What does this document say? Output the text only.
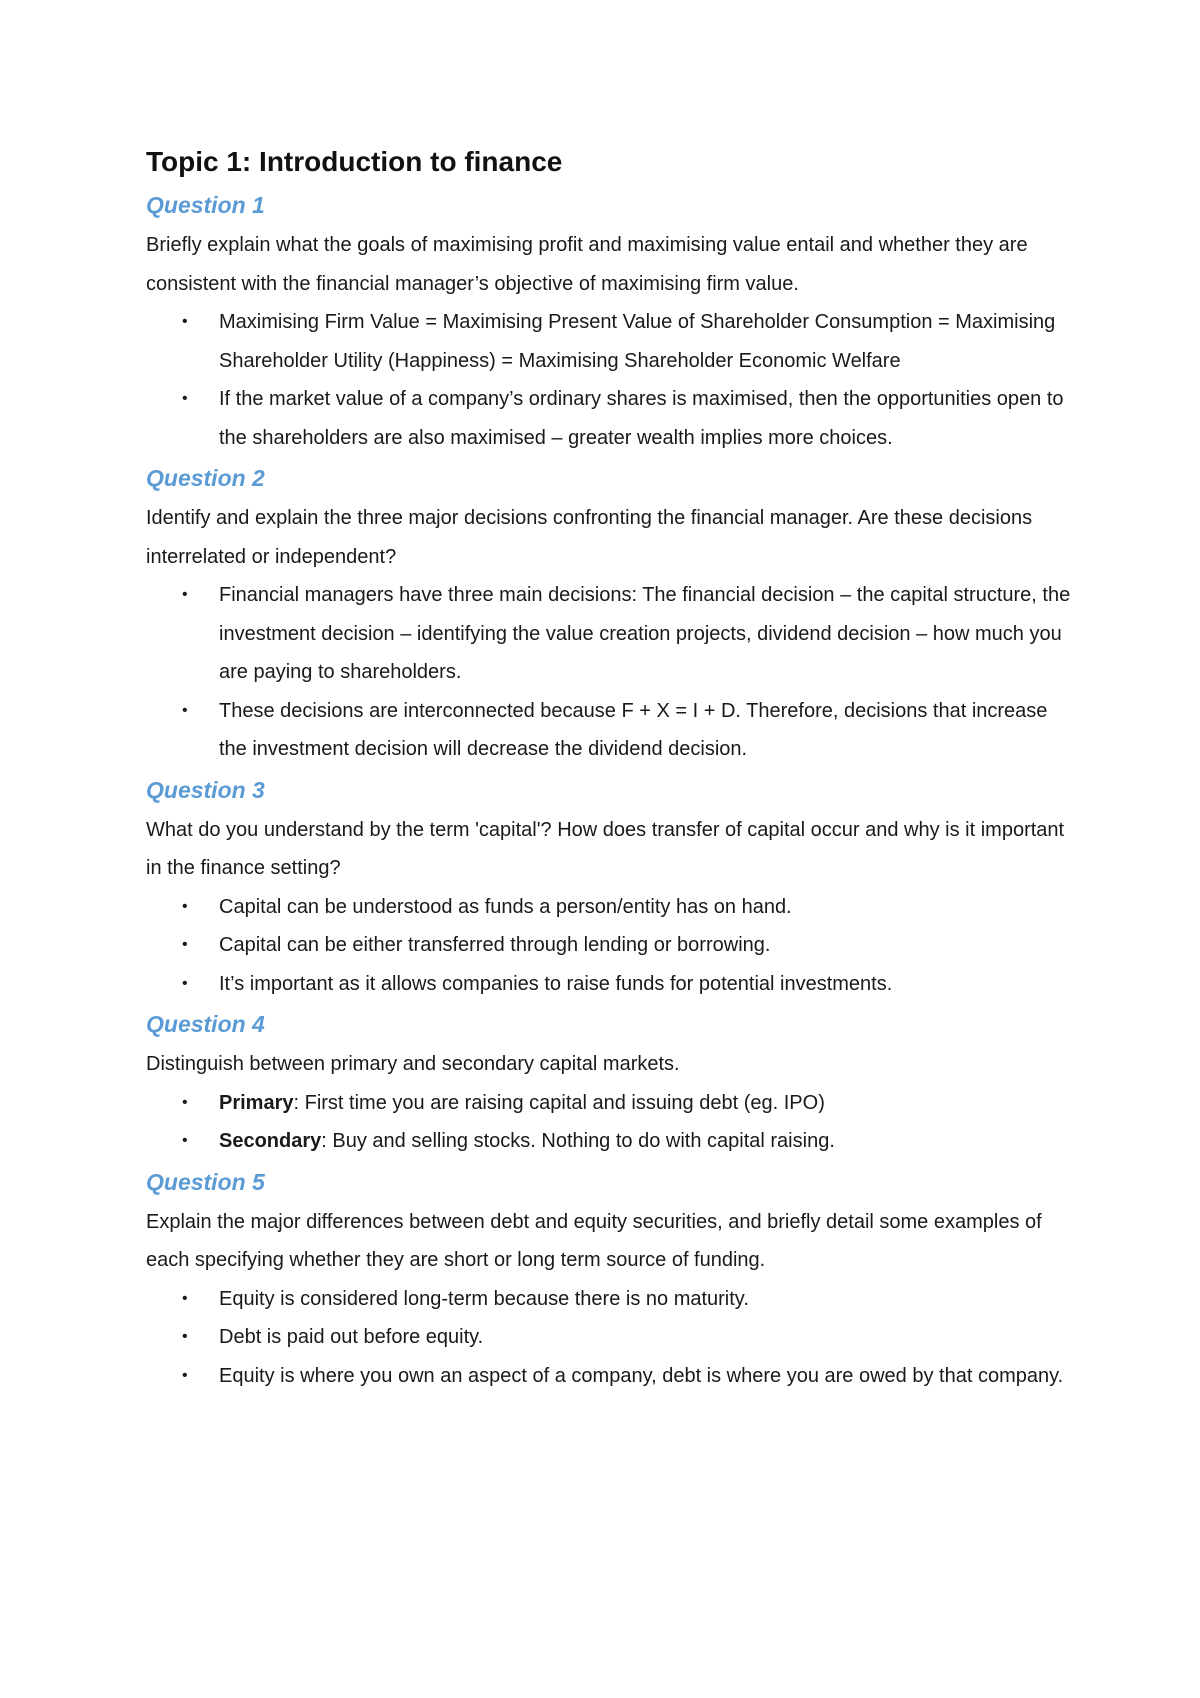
Topic 1: Introduction to finance
Question 1

Briefly explain what the goals of maximising profit and maximising value entail and whether they are consistent with the financial manager’s objective of maximising firm value.

• Maximising Firm Value = Maximising Present Value of Shareholder Consumption = Maximising Shareholder Utility (Happiness) = Maximising Shareholder Economic Welfare
• If the market value of a company’s ordinary shares is maximised, then the opportunities open to the shareholders are also maximised – greater wealth implies more choices.
Question 2

Identify and explain the three major decisions confronting the financial manager. Are these decisions interrelated or independent?

• Financial managers have three main decisions: The financial decision – the capital structure, the investment decision – identifying the value creation projects, dividend decision – how much you are paying to shareholders.
• These decisions are interconnected because F + X = I + D. Therefore, decisions that increase the investment decision will decrease the dividend decision.
Question 3

What do you understand by the term 'capital'? How does transfer of capital occur and why is it important in the finance setting?

• Capital can be understood as funds a person/entity has on hand.
• Capital can be either transferred through lending or borrowing.
• It’s important as it allows companies to raise funds for potential investments.
Question 4

Distinguish between primary and secondary capital markets.

• Primary: First time you are raising capital and issuing debt (eg. IPO)
• Secondary: Buy and selling stocks. Nothing to do with capital raising.
Question 5

Explain the major differences between debt and equity securities, and briefly detail some examples of each specifying whether they are short or long term source of funding.

• Equity is considered long-term because there is no maturity.
• Debt is paid out before equity.
• Equity is where you own an aspect of a company, debt is where you are owed by that company.
